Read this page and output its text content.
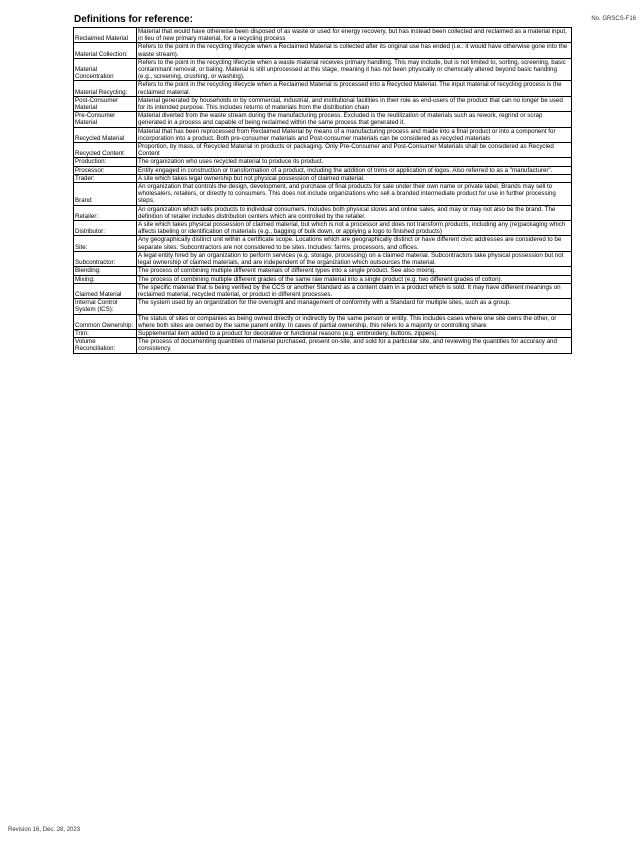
No. GRSCS-F16
Definitions for reference:
Reclaimed Material	Material that would have otherwise been disposed of as waste or used for energy recovery, but has instead been collected and reclaimed as a material input, in lieu of new primary material, for a recycling process
Material Collection:	Refers to the point in the recycling lifecycle when a Reclaimed Material is collected after its original use has ended (i.e.: it would have otherwise gone into the waste stream).
Material Concentration	Refers to the point in the recycling lifecycle when a waste material receives primary handling. This may include, but is not limited to, sorting, screening, basic contaminant removal, or baling. Material is still unprocessed at this stage, meaning it has not been physically or chemically altered beyond basic handling (e.g., screening, crushing, or washing).
Material Recycling:	Refers to the point in the recycling lifecycle when a Reclaimed Material is processed into a Recycled Material. The input material of recycling process is the reclaimed material.
Post-Consumer Material	Material generated by households or by commercial, industrial, and institutional facilities in their role as end-users of the product that can no longer be used for its intended purpose. This includes returns of materials from the distribution chain
Pre-Consumer Material	Material diverted from the waste stream during the manufacturing process. Excluded is the reutilization of materials such as rework, regrind or scrap generated in a process and capable of being reclaimed within the same process that generated it.
Recycled Material	Material that has been reprocessed from Reclaimed Material by means of a manufacturing process and made into a final product or into a component for incorporation into a product. Both pre-consumer materials and Post-consumer materials can be considered as recycled materials
Recycled Content	Proportion, by mass, of Recycled Material in products or packaging. Only Pre-Consumer and Post-Consumer Materials shall be considered as Recycled Content
Production:	The organization who uses recycled material to produce its product.
Processor:	Entity engaged in construction or transformation of a product, including the addition of trims or application of logos. Also referred to as a "manufacturer".
Trader:	A site which takes legal ownership but not physical possession of claimed material.
Brand	An organization that controls the design, development, and purchase of final products for sale under their own name or private label. Brands may sell to wholesalers, retailers, or directly to consumers. This does not include organizations who sell a branded intermediate product for use in further processing steps.
Retailer:	An organization which sells products to individual consumers. Includes both physical stores and online sales, and may or may not also be the brand. The definition of retailer includes distribution centers which are controlled by the retailer.
Distributor:	A site which takes physical possession of claimed material, but which is not a processor and does not transform products, including any (re)packaging which affects labeling or identification of materials (e.g., bagging of bulk down, or applying a logo to finished products)
Site:	Any geographically distinct unit within a certificate scope. Locations which are geographically distinct or have different civic addresses are considered to be separate sites. Subcontractors are not considered to be sites. Includes: farms, processors, and offices.
Subcontractor:	A legal entity hired by an organization to perform services (e.g. storage, processing) on a claimed material. Subcontractors take physical possession but not legal ownership of claimed materials, and are independent of the organization which outsources the material.
Blending:	The process of combining multiple different materials of different types into a single product. See also mixing.
Mixing:	The process of combining multiple different grades of the same raw material into a single product (e.g. two different grades of cotton).
Claimed Material	The specific material that is being verified by the CCS or another Standard as a content claim in a product which is sold. It may have different meanings on reclaimed material, recycled material, or product in different processes.
Internal Control System (ICS):	The system used by an organization for the oversight and management of conformity with a Standard for multiple sites, such as a group.
Common Ownership:	The status of sites or companies as being owned directly or indirectly by the same person or entity. This includes cases where one site owns the other, or where both sites are owned by the same parent entity. In cases of partial ownership, this refers to a majority or controlling share
Trim:	Supplemental item added to a product for decorative or functional reasons (e.g. embroidery, buttons, zippers).
Volume Reconciliation:	The process of documenting quantities of material purchased, present on-site, and sold for a particular site, and reviewing the quantities for accuracy and consistency.
Revision 16, Dec. 28, 2023
